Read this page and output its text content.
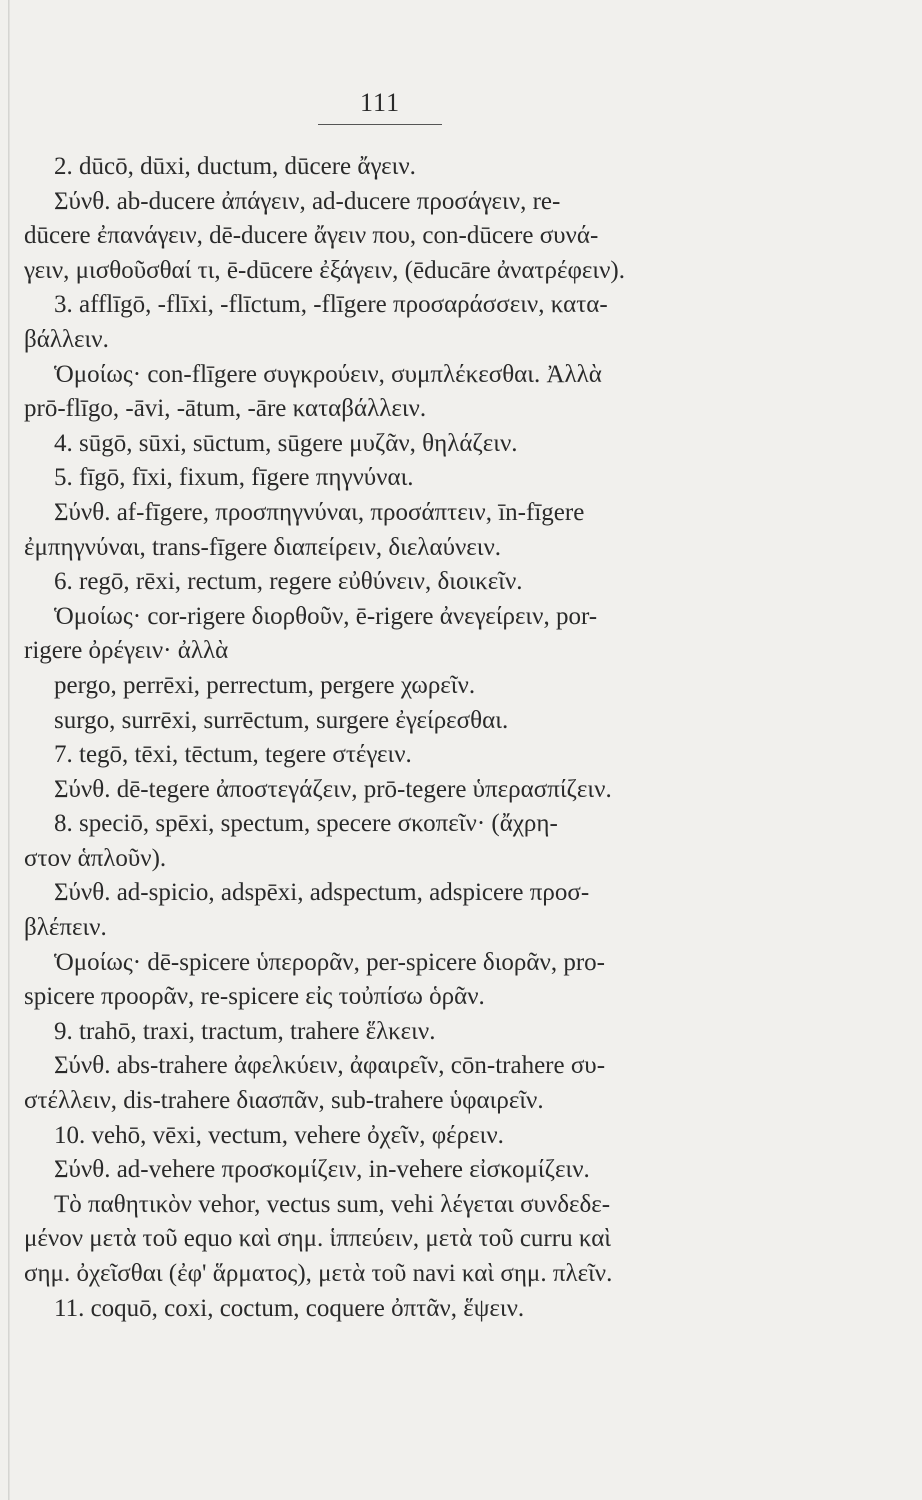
111
2. dūcō, dūxi, ductum, dūcere ἄγειν.
Σύνθ. ab-ducere ἀπάγειν, ad-ducere προσάγειν, re-
dūcere ἐπανάγειν, dē-ducere ἄγειν που, con-dūcere συνά-
γειν, μισθοῦσθαί τι, ē-dūcere ἐξάγειν, (ēducāre ἀνατρέφειν).
3. afflīgō, -flīxi, -flīctum, -flīgere προσαράσσειν, κατα-
βάλλειν.
Ὁμοίως· con-flīgere συγκρούειν, συμπλέκεσθαι. Ἀλλὰ
prō-flīgo, -āvi, -ātum, -āre καταβάλλειν.
4. sūgō, sūxi, sūctum, sūgere μυζᾶν, θηλάζειν.
5. fīgō, fīxi, fixum, fīgere πηγνύναι.
Σύνθ. af-fīgere, προσπηγνύναι, προσάπτειν, īn-fīgere
ἐμπηγνύναι, trans-fīgere διαπείρειν, διελαύνειν.
6. regō, rēxi, rectum, regere εὐθύνειν, διοικεῖν.
Ὁμοίως· cor-rigere διορθοῦν, ē-rigere ἀνεγείρειν, por-
rigere ὀρέγειν· ἀλλὰ
pergo, perrēxi, perrectum, pergere χωρεῖν.
surgo, surrēxi, surrēctum, surgere ἐγείρεσθαι.
7. tegō, tēxi, tēctum, tegere στέγειν.
Σύνθ. dē-tegere ἀποστεγάζειν, prō-tegere ὑπερασπίζειν.
8. speciō, spēxi, spectum, specere σκοπεῖν· (ἄχρη-
στον ἁπλοῦν).
Σύνθ. ad-spicio, adspēxi, adspectum, adspicere προσ-
βλέπειν.
Ὁμοίως· dē-spicere ὑπερορᾶν, per-spicere διορᾶν, pro-
spicere προορᾶν, re-spicere εἰς τοὐπίσω ὁρᾶν.
9. trahō, traxi, tractum, trahere ἕλκειν.
Σύνθ. abs-trahere ἀφελκύειν, ἀφαιρεῖν, cōn-trahere συ-
στέλλειν, dis-trahere διασπᾶν, sub-trahere ὑφαιρεῖν.
10. vehō, vēxi, vectum, vehere ὀχεῖν, φέρειν.
Σύνθ. ad-vehere προσκομίζειν, in-vehere εἰσκομίζειν.
Τὸ παθητικὸν vehor, vectus sum, vehi λέγεται συνδεδε-
μένον μετὰ τοῦ equo καὶ σημ. ἱππεύειν, μετὰ τοῦ curru καὶ
σημ. ὀχεῖσθαι (ἐφ' ἅρματος), μετὰ τοῦ navi καὶ σημ. πλεῖν.
11. coquō, coxi, coctum, coquere ὀπτᾶν, ἕψειν.
